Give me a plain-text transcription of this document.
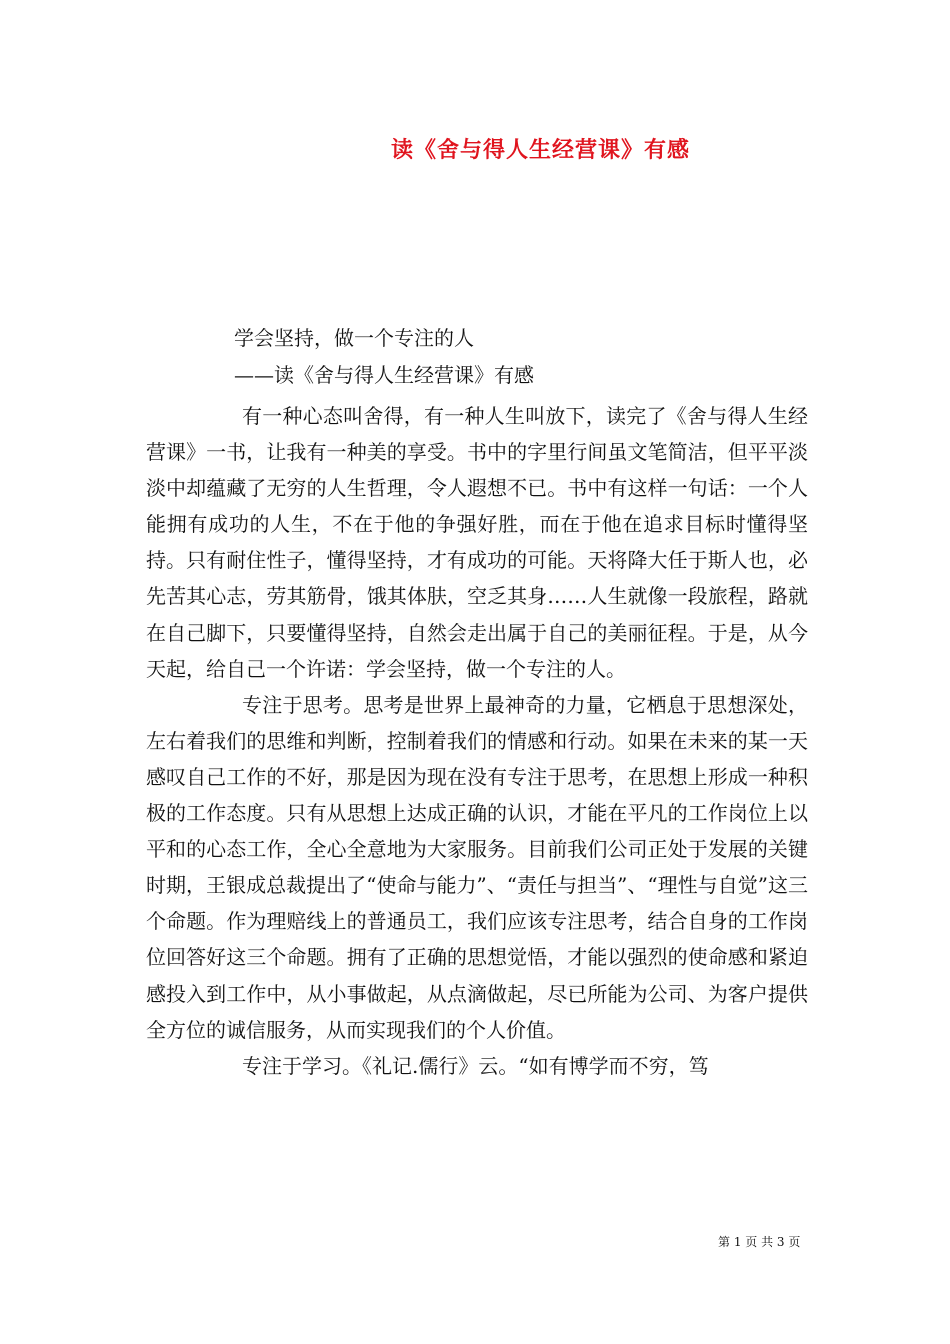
读《舍与得人生经营课》有感

学会坚持，做一个专注的人

——读《舍与得人生经营课》有感

有一种心态叫舍得，有一种人生叫放下，读完了《舍与得人生经营课》一书，让我有一种美的享受。书中的字里行间虽文笔简洁，但平平淡淡中却蕴藏了无穷的人生哲理，令人遐想不已。书中有这样一句话：一个人能拥有成功的人生，不在于他的争强好胜，而在于他在追求目标时懂得坚持。只有耐住性子，懂得坚持，才有成功的可能。天将降大任于斯人也，必先苦其心志，劳其筋骨，饿其体肤，空乏其身……人生就像一段旅程，路就在自己脚下，只要懂得坚持，自然会走出属于自己的美丽征程。于是，从今天起，给自己一个许诺：学会坚持，做一个专注的人。

专注于思考。思考是世界上最神奇的力量，它栖息于思想深处，左右着我们的思维和判断，控制着我们的情感和行动。如果在未来的某一天感叹自己工作的不好，那是因为现在没有专注于思考，在思想上形成一种积极的工作态度。只有从思想上达成正确的认识，才能在平凡的工作岗位上以平和的心态工作，全心全意地为大家服务。目前我们公司正处于发展的关键时期，王银成总裁提出了“使命与能力”、“责任与担当”、“理性与自觉”这三个命题。作为理赔线上的普通员工，我们应该专注思考，结合自身的工作岗位回答好这三个命题。拥有了正确的思想觉悟，才能以强烈的使命感和紧迫感投入到工作中，从小事做起，从点滴做起，尽已所能为公司、为客户提供全方位的诚信服务，从而实现我们的个人价值。

专注于学习。《礼记.儒行》云。“如有博学而不穷，笃

第 1 页 共 3 页
